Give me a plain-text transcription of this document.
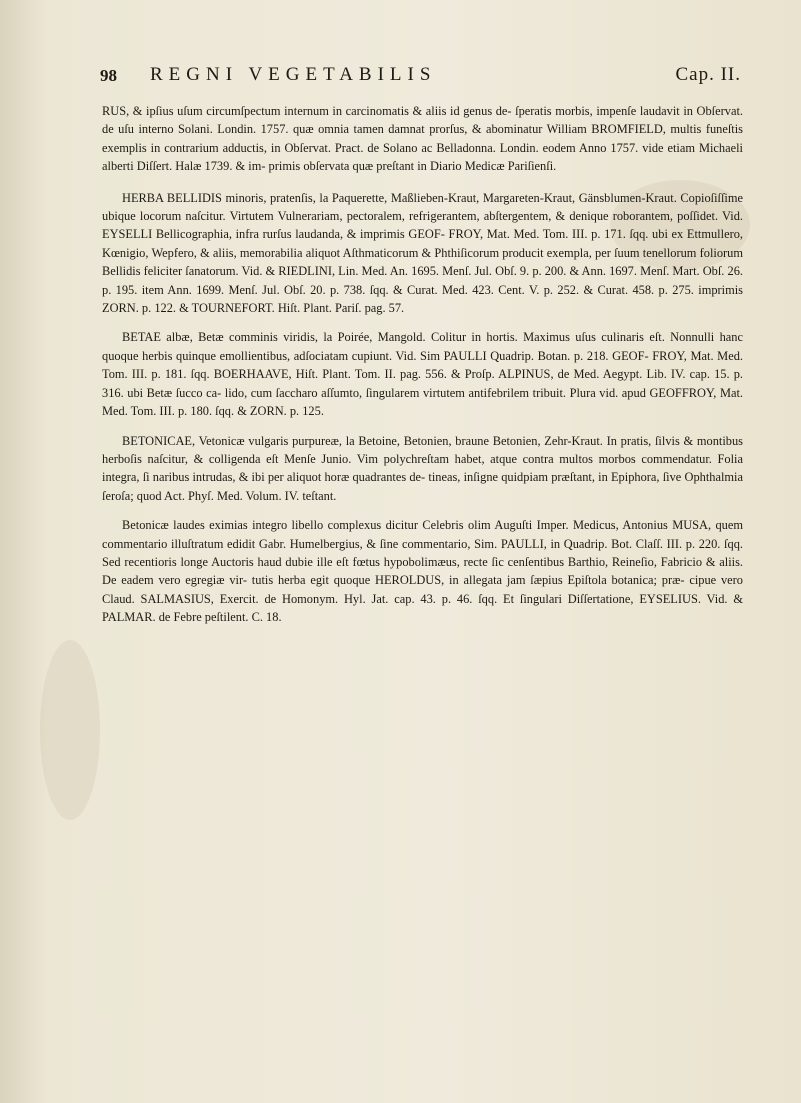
98 REGNI VEGETABILIS	Cap. II.

RUS, & ipſius uſum circumſpectum internum in carcinomatis & aliis id genus de- ſperatis morbis, impenſe laudavit in Obſervat. de uſu interno Solani. Londin. 1757. quæ omnia tamen damnat prorſus, & abominatur William BROMFIELD, multis funeſtis exemplis in contrarium adductis, in Obſervat. Pract. de Solano ac Belladonna. Londin. eodem Anno 1757. vide etiam Michaeli alberti Diſſert. Halæ 1739. & im- primis obſervata quæ preſtant in Diario Medicæ Pariſienſi.

HERBA BELLIDIS minoris, pratenſis, la Paquerette, Maßlieben-Kraut, Margareten-Kraut, Gänsblumen-Kraut. Copioſiſſime ubique locorum naſcitur. Virtutem Vulnerariam, pectoralem, refrigerantem, abſtergentem, & denique roborantem, poſſidet. Vid. EYSELLI Bellicographia, infra rurſus laudanda, & imprimis GEOF- FROY, Mat. Med. Tom. III. p. 171. ſqq. ubi ex Ettmullero, Kœnigio, Wepfero, & aliis, memorabilia aliquot Aſthmaticorum & Phthiſicorum producit exempla, per ſuum tenellorum foliorum Bellidis feliciter ſanatorum. Vid. & RIEDLINI, Lin. Med. An. 1695. Menſ. Jul. Obſ. 9. p. 200. & Ann. 1697. Menſ. Mart. Obſ. 26. p. 195. item Ann. 1699. Menſ. Jul. Obſ. 20. p. 738. ſqq. & Curat. Med. 423. Cent. V. p. 252. & Curat. 458. p. 275. imprimis ZORN. p. 122. & TOURNEFORT. Hiſt. Plant. Pariſ. pag. 57.

BETAE albæ, Betæ comminis viridis, la Poirée, Mangold. Colitur in hortis. Maximus uſus culinaris eſt. Nonnulli hanc quoque herbis quinque emollientibus, adſociatam cupiunt. Vid. Sim PAULLI Quadrip. Botan. p. 218. GEOF- FROY, Mat. Med. Tom. III. p. 181. ſqq. BOERHAAVE, Hiſt. Plant. Tom. II. pag. 556. & Proſp. ALPINUS, de Med. Aegypt. Lib. IV. cap. 15. p. 316. ubi Betæ ſucco ca- lido, cum ſaccharo aſſumto, ſingularem virtutem antifebrilem tribuit. Plura vid. apud GEOFFROY, Mat. Med. Tom. III. p. 180. ſqq. & ZORN. p. 125.

BETONICAE, Vetonicæ vulgaris purpureæ, la Betoine, Betonien, braune Betonien, Zehr-Kraut. In pratis, ſilvis & montibus herboſis naſcitur, & colligenda eſt Menſe Junio. Vim polychreſtam habet, atque contra multos morbos commendatur. Folia integra, ſi naribus intrudas, & ibi per aliquot horæ quadrantes de- tineas, inſigne quidpiam præſtant, in Epiphora, ſive Ophthalmia ſeroſa; quod Act. Phyſ. Med. Volum. IV. teſtant.

Betonicæ laudes eximias integro libello complexus dicitur Celebris olim Auguſti Imper. Medicus, Antonius MUSA, quem commentario illuſtratum edidit Gabr. Humelbergius, & ſine commentario, Sim. PAULLI, in Quadrip. Bot. Claſſ. III. p. 220. ſqq. Sed recentioris longe Auctoris haud dubie ille eſt fœtus hypobolimæus, recte ſic cenſentibus Barthio, Reineſio, Fabricio & aliis. De eadem vero egregiæ vir- tutis herba egit quoque HEROLDUS, in allegata jam ſæpius Epiſtola botanica; præ- cipue vero Claud. SALMASIUS, Exercit. de Homonym. Hyl. Jat. cap. 43. p. 46. ſqq. Et ſingulari Diſſertatione, EYSELIUS. Vid. & PALMAR. de Febre peſtilent. C. 18.
